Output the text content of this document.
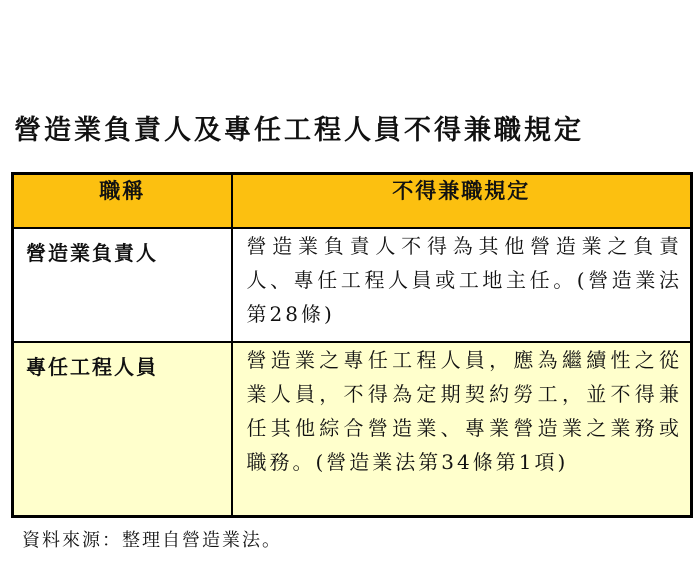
營造業負責人及專任工程人員不得兼職規定
職稱	不得兼職規定
營造業負責人	營造業負責人不得為其他營造業之負責人、專任工程人員或工地主任。(營造業法第28條)
專任工程人員	營造業之專任工程人員，應為繼續性之從業人員，不得為定期契約勞工，並不得兼任其他綜合營造業、專業營造業之業務或職務。(營造業法第34條第1項)
資料來源：整理自營造業法。
